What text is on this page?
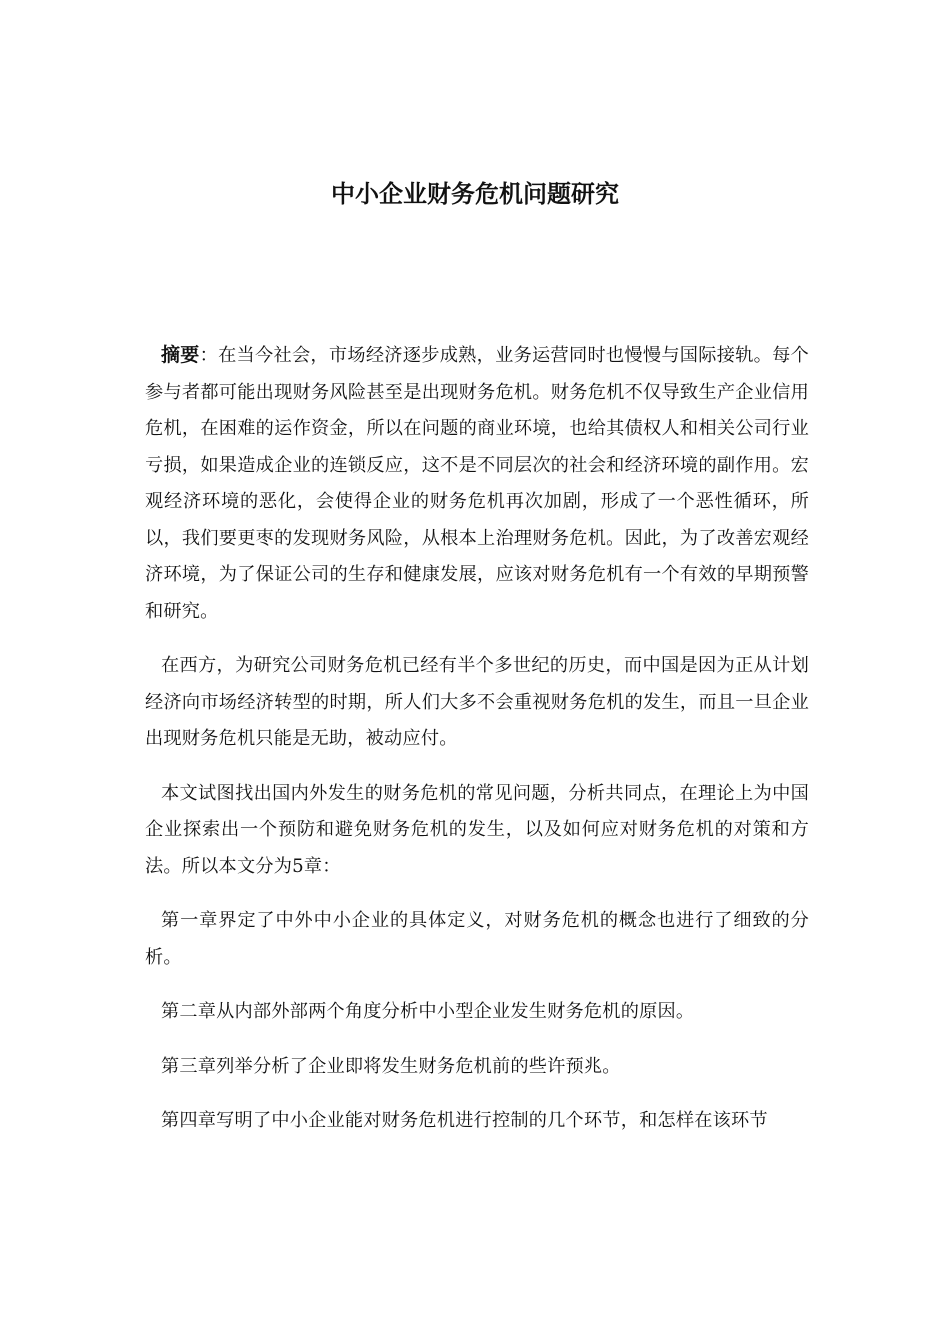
中小企业财务危机问题研究

摘要：在当今社会，市场经济逐步成熟，业务运营同时也慢慢与国际接轨。每个参与者都可能出现财务风险甚至是出现财务危机。财务危机不仅导致生产企业信用危机，在困难的运作资金，所以在问题的商业环境，也给其债权人和相关公司行业亏损，如果造成企业的连锁反应，这不是不同层次的社会和经济环境的副作用。宏观经济环境的恶化，会使得企业的财务危机再次加剧，形成了一个恶性循环，所以，我们要更枣的发现财务风险，从根本上治理财务危机。因此，为了改善宏观经济环境，为了保证公司的生存和健康发展，应该对财务危机有一个有效的早期预警和研究。

在西方，为研究公司财务危机已经有半个多世纪的历史，而中国是因为正从计划经济向市场经济转型的时期，所人们大多不会重视财务危机的发生，而且一旦企业出现财务危机只能是无助，被动应付。

本文试图找出国内外发生的财务危机的常见问题，分析共同点，在理论上为中国企业探索出一个预防和避免财务危机的发生，以及如何应对财务危机的对策和方法。所以本文分为5章：

第一章界定了中外中小企业的具体定义，对财务危机的概念也进行了细致的分析。

第二章从内部外部两个角度分析中小型企业发生财务危机的原因。

第三章列举分析了企业即将发生财务危机前的些许预兆。

第四章写明了中小企业能对财务危机进行控制的几个环节，和怎样在该环节
